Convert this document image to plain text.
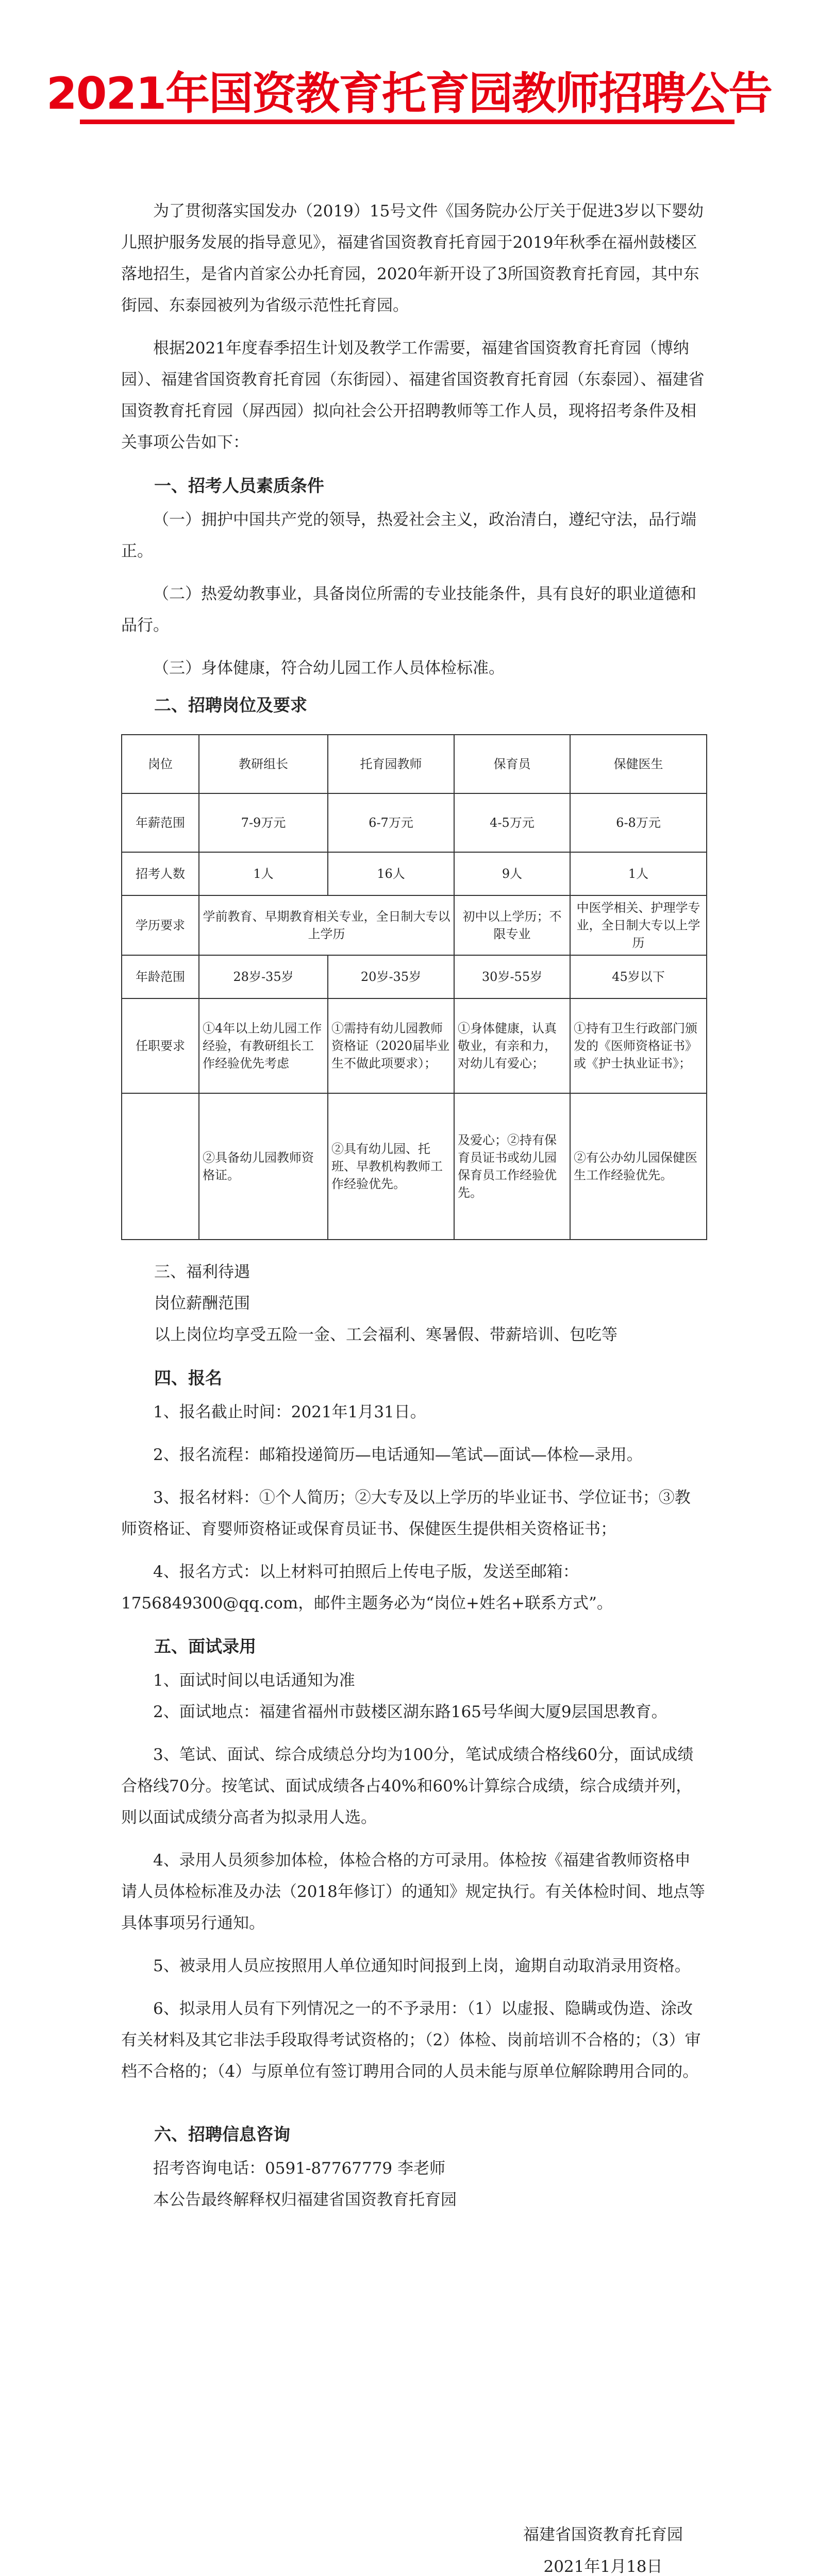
2021年国资教育托育园教师招聘公告

为了贯彻落实国发办（2019）15号文件《国务院办公厅关于促进3岁以下婴幼儿照护服务发展的指导意见》，福建省国资教育托育园于2019年秋季在福州鼓楼区落地招生，是省内首家公办托育园，2020年新开设了3所国资教育托育园，其中东街园、东泰园被列为省级示范性托育园。

根据2021年度春季招生计划及教学工作需要，福建省国资教育托育园（博纳园）、福建省国资教育托育园（东街园）、福建省国资教育托育园（东泰园）、福建省国资教育托育园（屏西园）拟向社会公开招聘教师等工作人员，现将招考条件及相关事项公告如下：

一、招考人员素质条件

（一）拥护中国共产党的领导，热爱社会主义，政治清白，遵纪守法，品行端正。

（二）热爱幼教事业，具备岗位所需的专业技能条件，具有良好的职业道德和品行。

（三）身体健康，符合幼儿园工作人员体检标准。

二、招聘岗位及要求
岗位	教研组长	托育园教师	保育员	保健医生
年薪范围	7-9万元	6-7万元	4-5万元	6-8万元
招考人数	1人	16人	9人	1人
学历要求	学前教育、早期教育相关专业，全日制大专以上学历		初中以上学历；不限专业	中医学相关、护理学专业，全日制大专以上学历
年龄范围	28岁-35岁	20岁-35岁	30岁-55岁	45岁以下
任职要求	①4年以上幼儿园工作经验，有教研组长工作经验优先考虑	①需持有幼儿园教师资格证（2020届毕业生不做此项要求）；	①身体健康，认真敬业，有亲和力，对幼儿有爱心；	①持有卫生行政部门颁发的《医师资格证书》或《护士执业证书》；
	②具备幼儿园教师资格证。	②具有幼儿园、托班、早教机构教师工作经验优先。	及爱心；②持有保育员证书或幼儿园保育员工作经验优先。	②有公办幼儿园保健医生工作经验优先。
三、福利待遇
岗位薪酬范围

以上岗位均享受五险一金、工会福利、寒暑假、带薪培训、包吃等

四、报名

1、报名截止时间：2021年1月31日。

2、报名流程：邮箱投递简历—电话通知—笔试—面试—体检—录用。

3、报名材料：①个人简历；②大专及以上学历的毕业证书、学位证书；③教师资格证、育婴师资格证或保育员证书、保健医生提供相关资格证书；

4、报名方式：以上材料可拍照后上传电子版，发送至邮箱：1756849300@qq.com，邮件主题务必为“岗位+姓名+联系方式”。

五、面试录用

1、面试时间以电话通知为准

2、面试地点：福建省福州市鼓楼区湖东路165号华闽大厦9层国思教育。

3、笔试、面试、综合成绩总分均为100分，笔试成绩合格线60分，面试成绩合格线70分。按笔试、面试成绩各占40%和60%计算综合成绩，综合成绩并列，则以面试成绩分高者为拟录用人选。

4、录用人员须参加体检，体检合格的方可录用。体检按《福建省教师资格申请人员体检标准及办法（2018年修订）的通知》规定执行。有关体检时间、地点等具体事项另行通知。

5、被录用人员应按照用人单位通知时间报到上岗，逾期自动取消录用资格。

6、拟录用人员有下列情况之一的不予录用：（1）以虚报、隐瞒或伪造、涂改有关材料及其它非法手段取得考试资格的；（2）体检、岗前培训不合格的；（3）审档不合格的；（4）与原单位有签订聘用合同的人员未能与原单位解除聘用合同的。

六、招聘信息咨询

招考咨询电话：0591-87767779 李老师

本公告最终解释权归福建省国资教育托育园

福建省国资教育托育园
2021年1月18日
